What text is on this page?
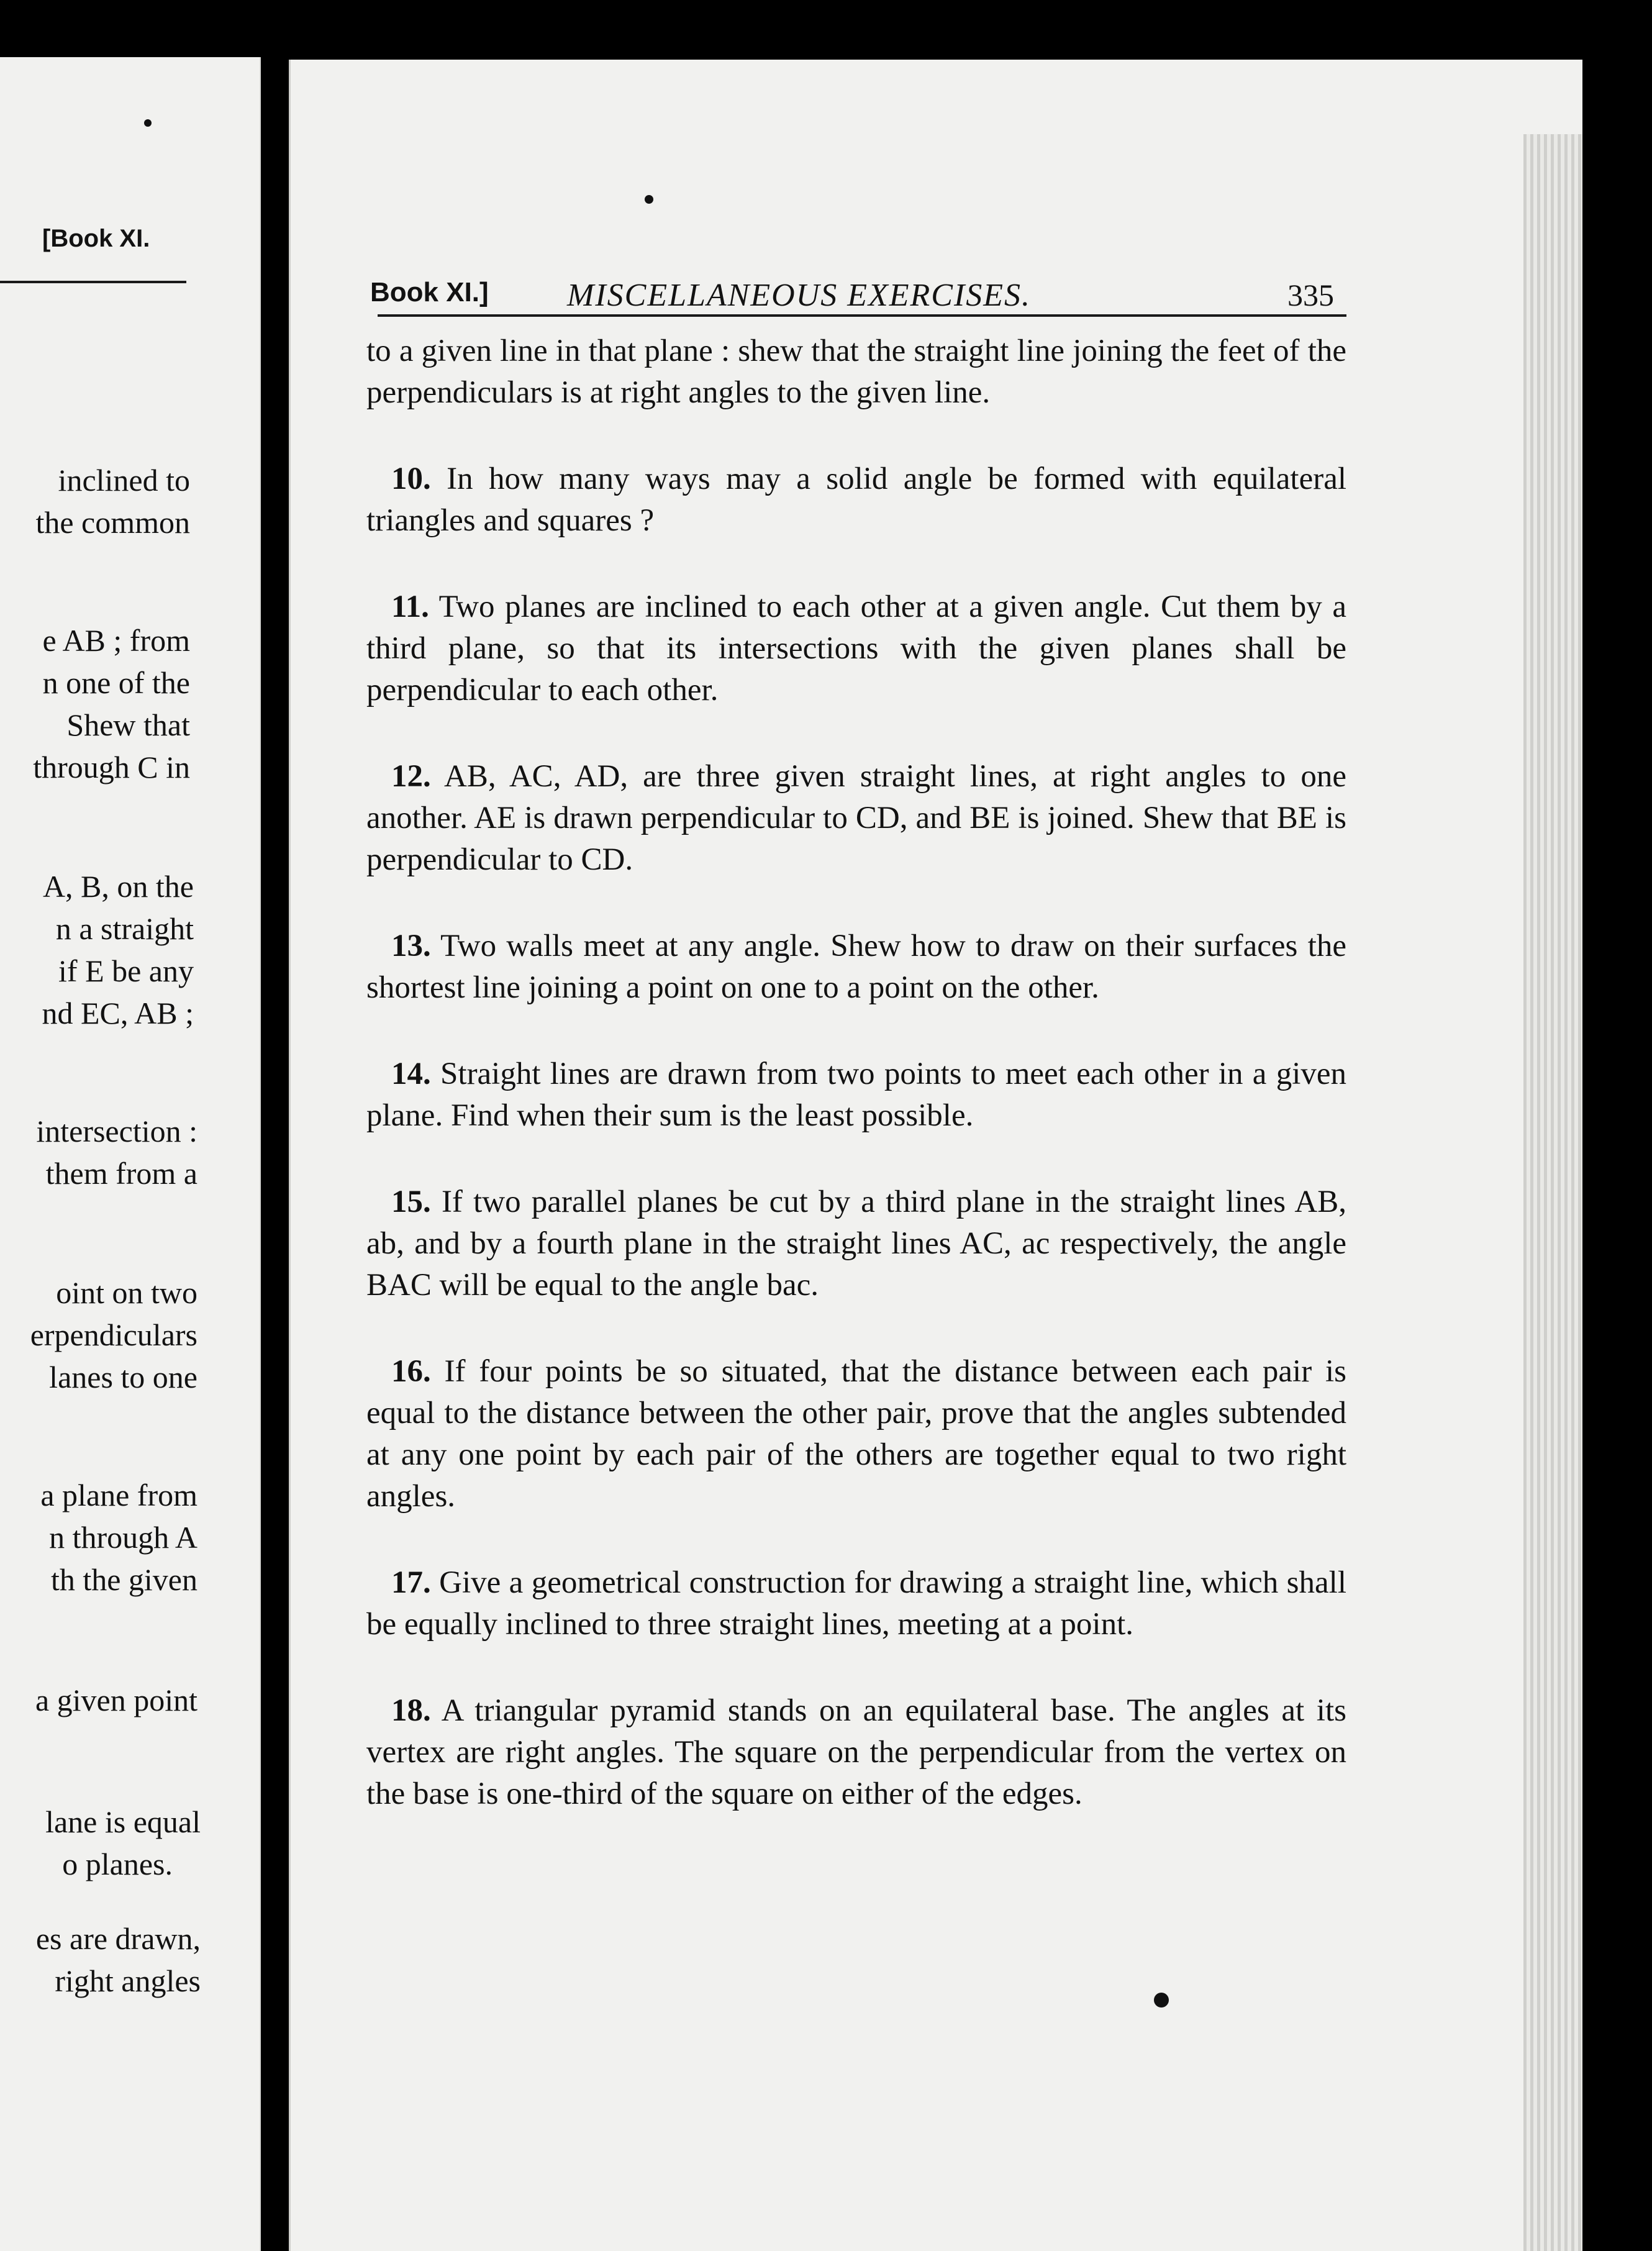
[Book XI.
inclined to
the common
e AB ; from
n one of the
Shew that
through C in
A, B, on the
n a straight
if E be any
nd EC, AB ;
intersection :
them from a
oint on two
erpendiculars
lanes to one
a plane from
n through A
th the given
a given point
lane is equal
o planes.
es are drawn,
right angles
Book XI.] MISCELLANEOUS EXERCISES.	335

to a given line in that plane : shew that the straight line joining the feet of the perpendiculars is at right angles to the given line.

10. In how many ways may a solid angle be formed with equilateral triangles and squares ?

11. Two planes are inclined to each other at a given angle. Cut them by a third plane, so that its intersections with the given planes shall be perpendicular to each other.

12. AB, AC, AD, are three given straight lines, at right angles to one another. AE is drawn perpendicular to CD, and BE is joined. Shew that BE is perpendicular to CD.

13. Two walls meet at any angle. Shew how to draw on their surfaces the shortest line joining a point on one to a point on the other.

14. Straight lines are drawn from two points to meet each other in a given plane. Find when their sum is the least possible.

15. If two parallel planes be cut by a third plane in the straight lines AB, ab, and by a fourth plane in the straight lines AC, ac respectively, the angle BAC will be equal to the angle bac.

16. If four points be so situated, that the distance between each pair is equal to the distance between the other pair, prove that the angles subtended at any one point by each pair of the others are together equal to two right angles.

17. Give a geometrical construction for drawing a straight line, which shall be equally inclined to three straight lines, meeting at a point.

18. A triangular pyramid stands on an equilateral base. The angles at its vertex are right angles. The square on the perpendicular from the vertex on the base is one-third of the square on either of the edges.
